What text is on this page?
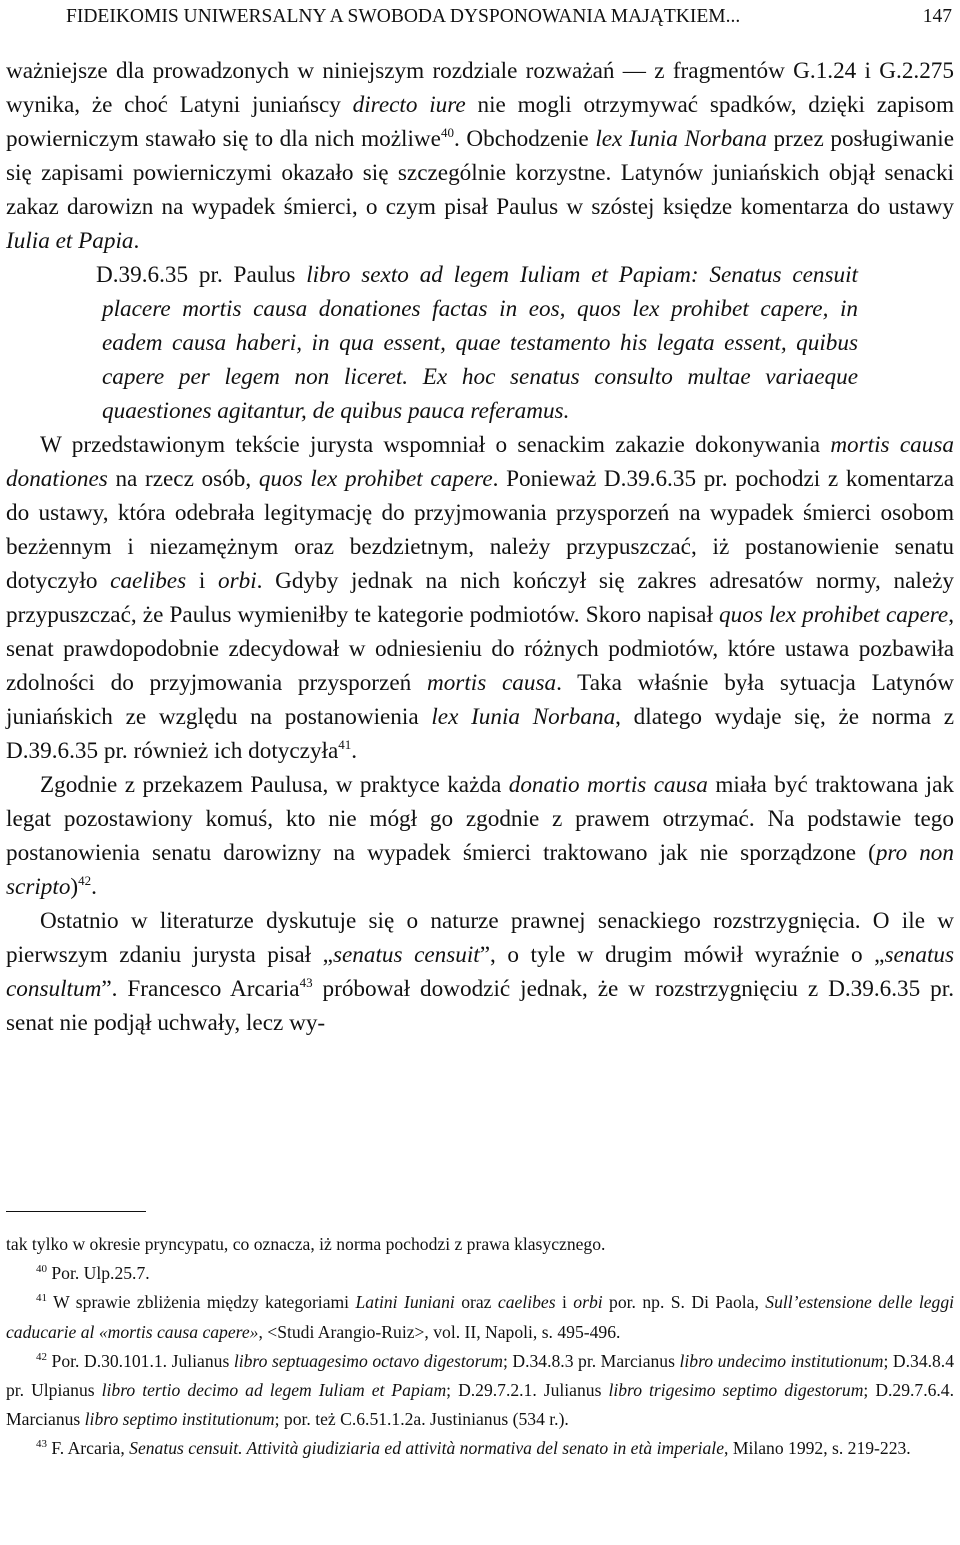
FIDEIKOMIS UNIWERSALNY A SWOBODA DYSPONOWANIA MAJĄTKIEM...	147

ważniejsze dla prowadzonych w niniejszym rozdziale rozważań — z fragmentów G.1.24 i G.2.275 wynika, że choć Latyni juniańscy directo iure nie mogli otrzymywać spadków, dzięki zapisom powierniczym stawało się to dla nich możliwe$^{40}$. Obchodzenie lex Iunia Norbana przez posługiwanie się zapisami powierniczymi okazało się szczególnie korzystne. Latynów juniańskich objął senacki zakaz darowizn na wypadek śmierci, o czym pisał Paulus w szóstej księdze komentarza do ustawy Iulia et Papia.

D.39.6.35 pr. Paulus libro sexto ad legem Iuliam et Papiam: Senatus censuit placere mortis causa donationes factas in eos, quos lex prohibet capere, in eadem causa haberi, in qua essent, quae testamento his legata essent, quibus capere per legem non liceret. Ex hoc senatus consulto multae variaeque quaestiones agitantur, de quibus pauca referamus.

W przedstawionym tekście jurysta wspomniał o senackim zakazie dokonywania mortis causa donationes na rzecz osób, quos lex prohibet capere. Ponieważ D.39.6.35 pr. pochodzi z komentarza do ustawy, która odebrała legitymację do przyjmowania przysporzeń na wypadek śmierci osobom bezżennym i niezamężnym oraz bezdzietnym, należy przypuszczać, iż postanowienie senatu dotyczyło caelibes i orbi. Gdyby jednak na nich kończył się zakres adresatów normy, należy przypuszczać, że Paulus wymieniłby te kategorie podmiotów. Skoro napisał quos lex prohibet capere, senat prawdopodobnie zdecydował w odniesieniu do różnych podmiotów, które ustawa pozbawiła zdolności do przyjmowania przysporzeń mortis causa. Taka właśnie była sytuacja Latynów juniańskich ze względu na postanowienia lex Iunia Norbana, dlatego wydaje się, że norma z D.39.6.35 pr. również ich dotyczyła$^{41}$.

Zgodnie z przekazem Paulusa, w praktyce każda donatio mortis causa miała być traktowana jak legat pozostawiony komuś, kto nie mógł go zgodnie z prawem otrzymać. Na podstawie tego postanowienia senatu darowizny na wypadek śmierci traktowano jak nie sporządzone (pro non scripto)$^{42}$.

Ostatnio w literaturze dyskutuje się o naturze prawnej senackiego rozstrzygnięcia. O ile w pierwszym zdaniu jurysta pisał „senatus censuit”, o tyle w drugim mówił wyraźnie o „senatus consultum”. Francesco Arcaria$^{43}$ próbował dowodzić jednak, że w rozstrzygnięciu z D.39.6.35 pr. senat nie podjął uchwały, lecz wy-

tak tylko w okresie pryncypatu, co oznacza, iż norma pochodzi z prawa klasycznego.

$^{40}$ Por. Ulp.25.7.

$^{41}$ W sprawie zbliżenia między kategoriami Latini Iuniani oraz caelibes i orbi por. np. S. Di Paola, Sull’estensione delle leggi caducarie al «mortis causa capere», <Studi Arangio-Ruiz>, vol. II, Napoli, s. 495-496.

$^{42}$ Por. D.30.101.1. Julianus libro septuagesimo octavo digestorum; D.34.8.3 pr. Marcianus libro undecimo institutionum; D.34.8.4 pr. Ulpianus libro tertio decimo ad legem Iuliam et Papiam; D.29.7.2.1. Julianus libro trigesimo septimo digestorum; D.29.7.6.4. Marcianus libro septimo institutionum; por. też C.6.51.1.2a. Justinianus (534 r.).

$^{43}$ F. Arcaria, Senatus censuit. Attività giudiziaria ed attività normativa del senato in età imperiale, Milano 1992, s. 219-223.
